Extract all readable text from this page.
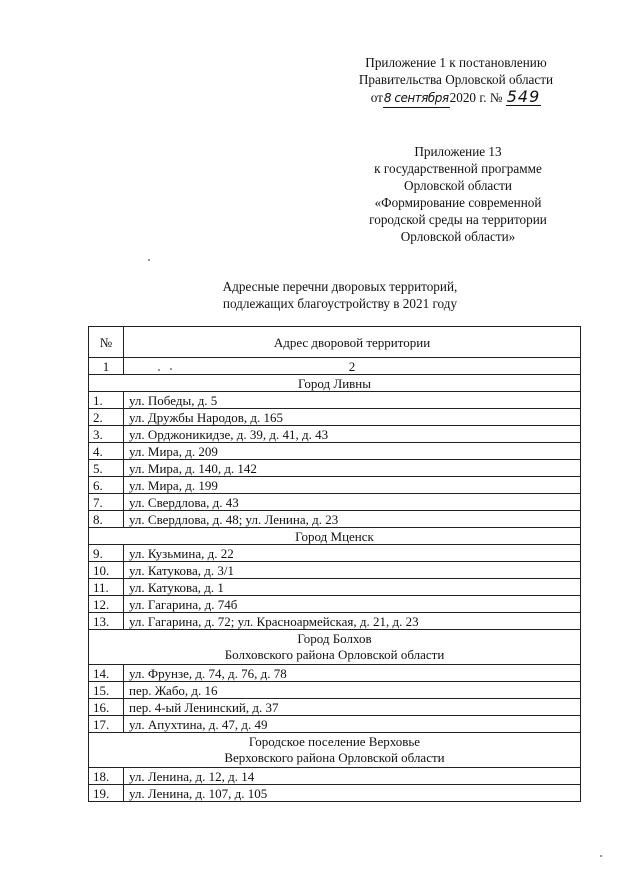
Приложение 1 к постановлению
Правительства Орловской области
от8 сентября2020 г. № 549
Приложение 13
к государственной программе
Орловской области
«Формирование современной
городской среды на территории
Орловской области»
Адресные перечни дворовых территорий,
подлежащих благоустройству в 2021 году
№	Адрес дворовой территории
1	2

Город Ливны	

1.	ул. Победы, д. 5
2.	ул. Дружбы Народов, д. 165
3.	ул. Орджоникидзе, д. 39, д. 41, д. 43
4.	ул. Мира, д. 209
5.	ул. Мира, д. 140, д. 142
6.	ул. Мира, д. 199
7.	ул. Свердлова, д. 43
8.	ул. Свердлова, д. 48; ул. Ленина, д. 23

Город Мценск	

9.	ул. Кузьмина, д. 22
10.	ул. Катукова, д. 3/1
11.	ул. Катукова, д. 1
12.	ул. Гагарина, д. 74б
13.	ул. Гагарина, д. 72; ул. Красноармейская, д. 21, д. 23

Город Болхов
Болховского района Орловской области	

14.	ул. Фрунзе, д. 74, д. 76, д. 78
15.	пер. Жабо, д. 16
16.	пер. 4-ый Ленинский, д. 37
17.	ул. Апухтина, д. 47, д. 49

Городское поселение Верховье
Верховского района Орловской области	

18.	ул. Ленина, д. 12, д. 14
19.	ул. Ленина, д. 107, д. 105
